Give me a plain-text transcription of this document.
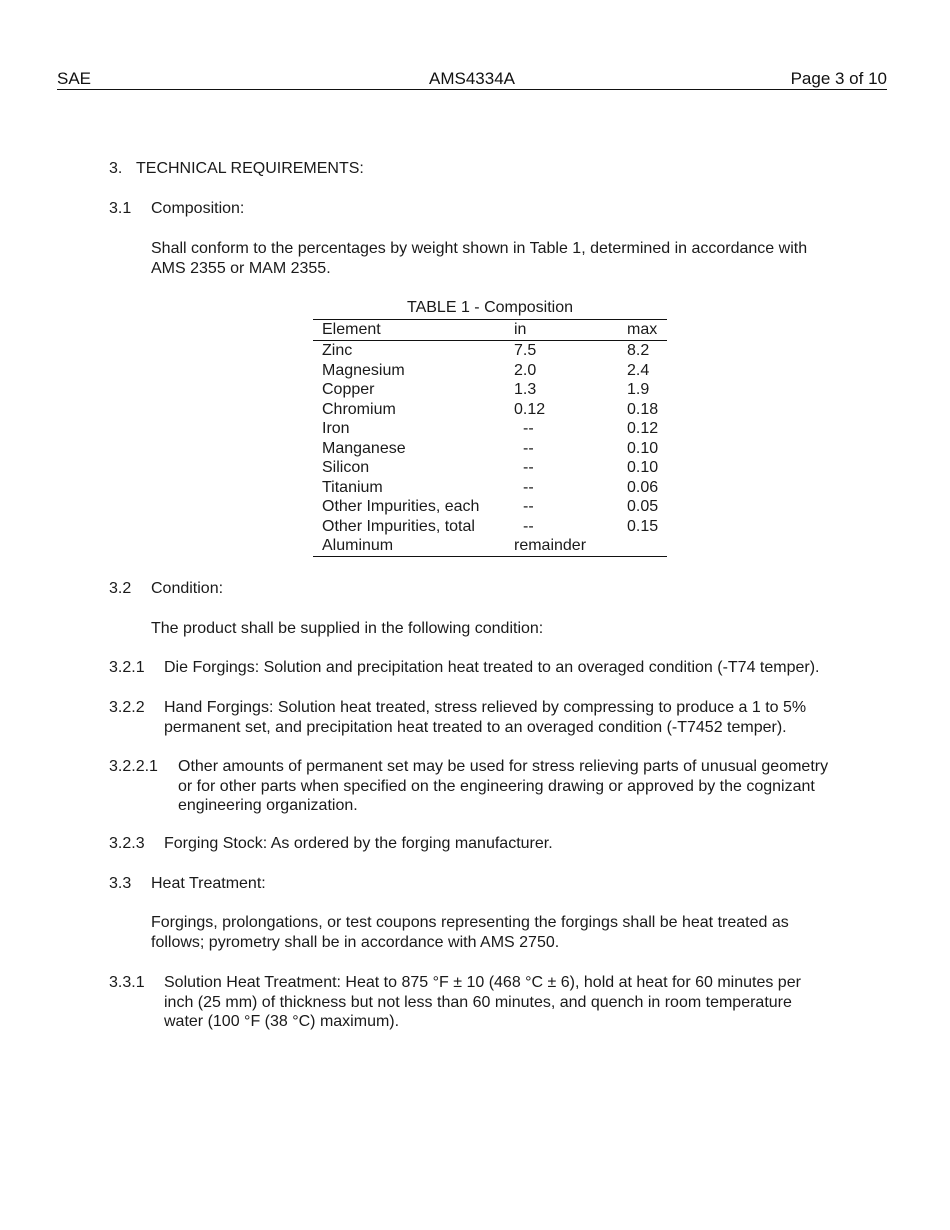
SAE	AMS4334A	Page 3 of 10
3. TECHNICAL REQUIREMENTS:
3.1 Composition:

Shall conform to the percentages by weight shown in Table 1, determined in accordance with

AMS 2355 or MAM 2355.

TABLE 1 - Composition
Element	in	max
Zinc	7.5	8.2
Magnesium	2.0	2.4
Copper	1.3	1.9
Chromium	0.12	0.18
Iron	--	0.12
Manganese	--	0.10
Silicon	--	0.10
Titanium	--	0.06
Other Impurities, each	--	0.05
Other Impurities, total	--	0.15
Aluminum	remainder	
3.2 Condition:
The product shall be supplied in the following condition:
3.2.1 Die Forgings: Solution and precipitation heat treated to an overaged condition (-T74 temper).
3.2.2 Hand Forgings: Solution heat treated, stress relieved by compressing to produce a 1 to 5%

permanent set, and precipitation heat treated to an overaged condition (-T7452 temper).

3.2.2.1 Other amounts of permanent set may be used for stress relieving parts of unusual geometry

or for other parts when specified on the engineering drawing or approved by the cognizant

engineering organization.

3.2.3 Forging Stock: As ordered by the forging manufacturer.
3.3 Heat Treatment:

Forgings, prolongations, or test coupons representing the forgings shall be heat treated as

follows; pyrometry shall be in accordance with AMS 2750.

3.3.1 Solution Heat Treatment: Heat to 875 °F ± 10 (468 °C ± 6), hold at heat for 60 minutes per

inch (25 mm) of thickness but not less than 60 minutes, and quench in room temperature

water (100 °F (38 °C) maximum).
